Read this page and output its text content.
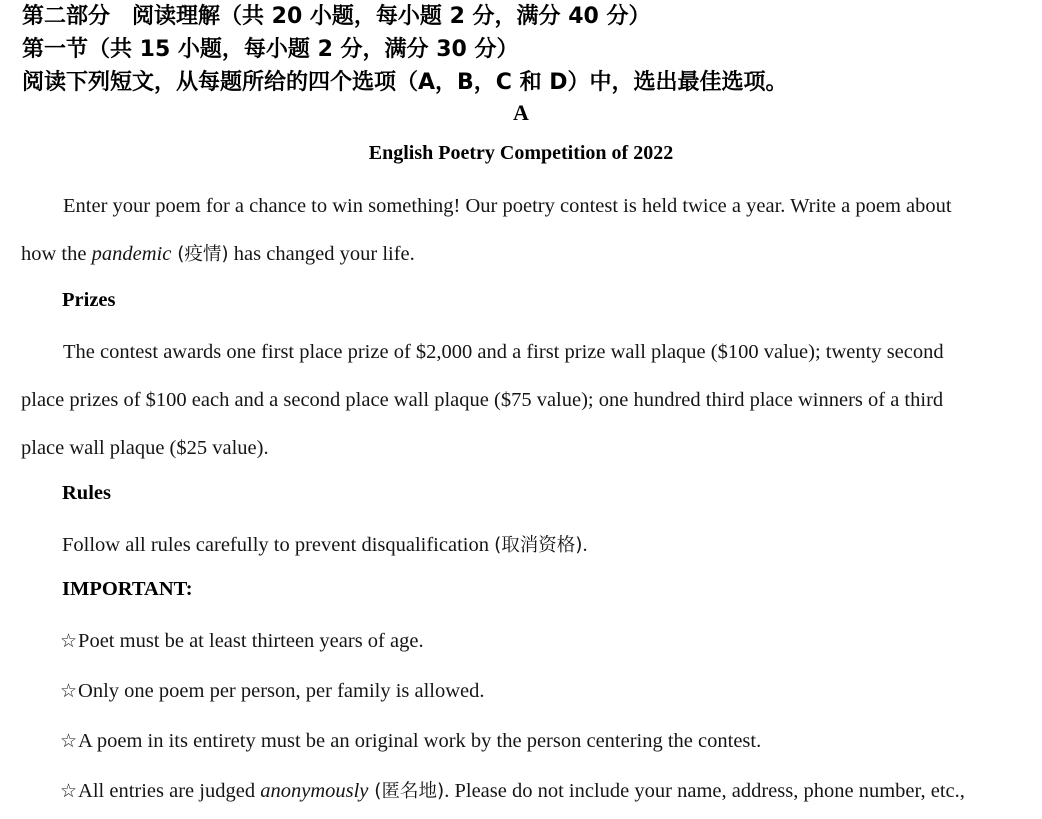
第二部分　阅读理解（共 20 小题，每小题 2 分，满分 40 分）
第一节（共 15 小题，每小题 2 分，满分 30 分）
阅读下列短文，从每题所给的四个选项（A，B，C 和 D）中，选出最佳选项。
A
English Poetry Competition of 2022
Enter your poem for a chance to win something! Our poetry contest is held twice a year. Write a poem about
how the pandemic (疫情) has changed your life.
Prizes
The contest awards one first place prize of $2,000 and a first prize wall plaque ($100 value); twenty second
place prizes of $100 each and a second place wall plaque ($75 value); one hundred third place winners of a third
place wall plaque ($25 value).
Rules
Follow all rules carefully to prevent disqualification (取消资格).
IMPORTANT:
☆Poet must be at least thirteen years of age.
☆Only one poem per person, per family is allowed.
☆A poem in its entirety must be an original work by the person centering the contest.
☆All entries are judged anonymously (匿名地). Please do not include your name, address, phone number, etc.,
